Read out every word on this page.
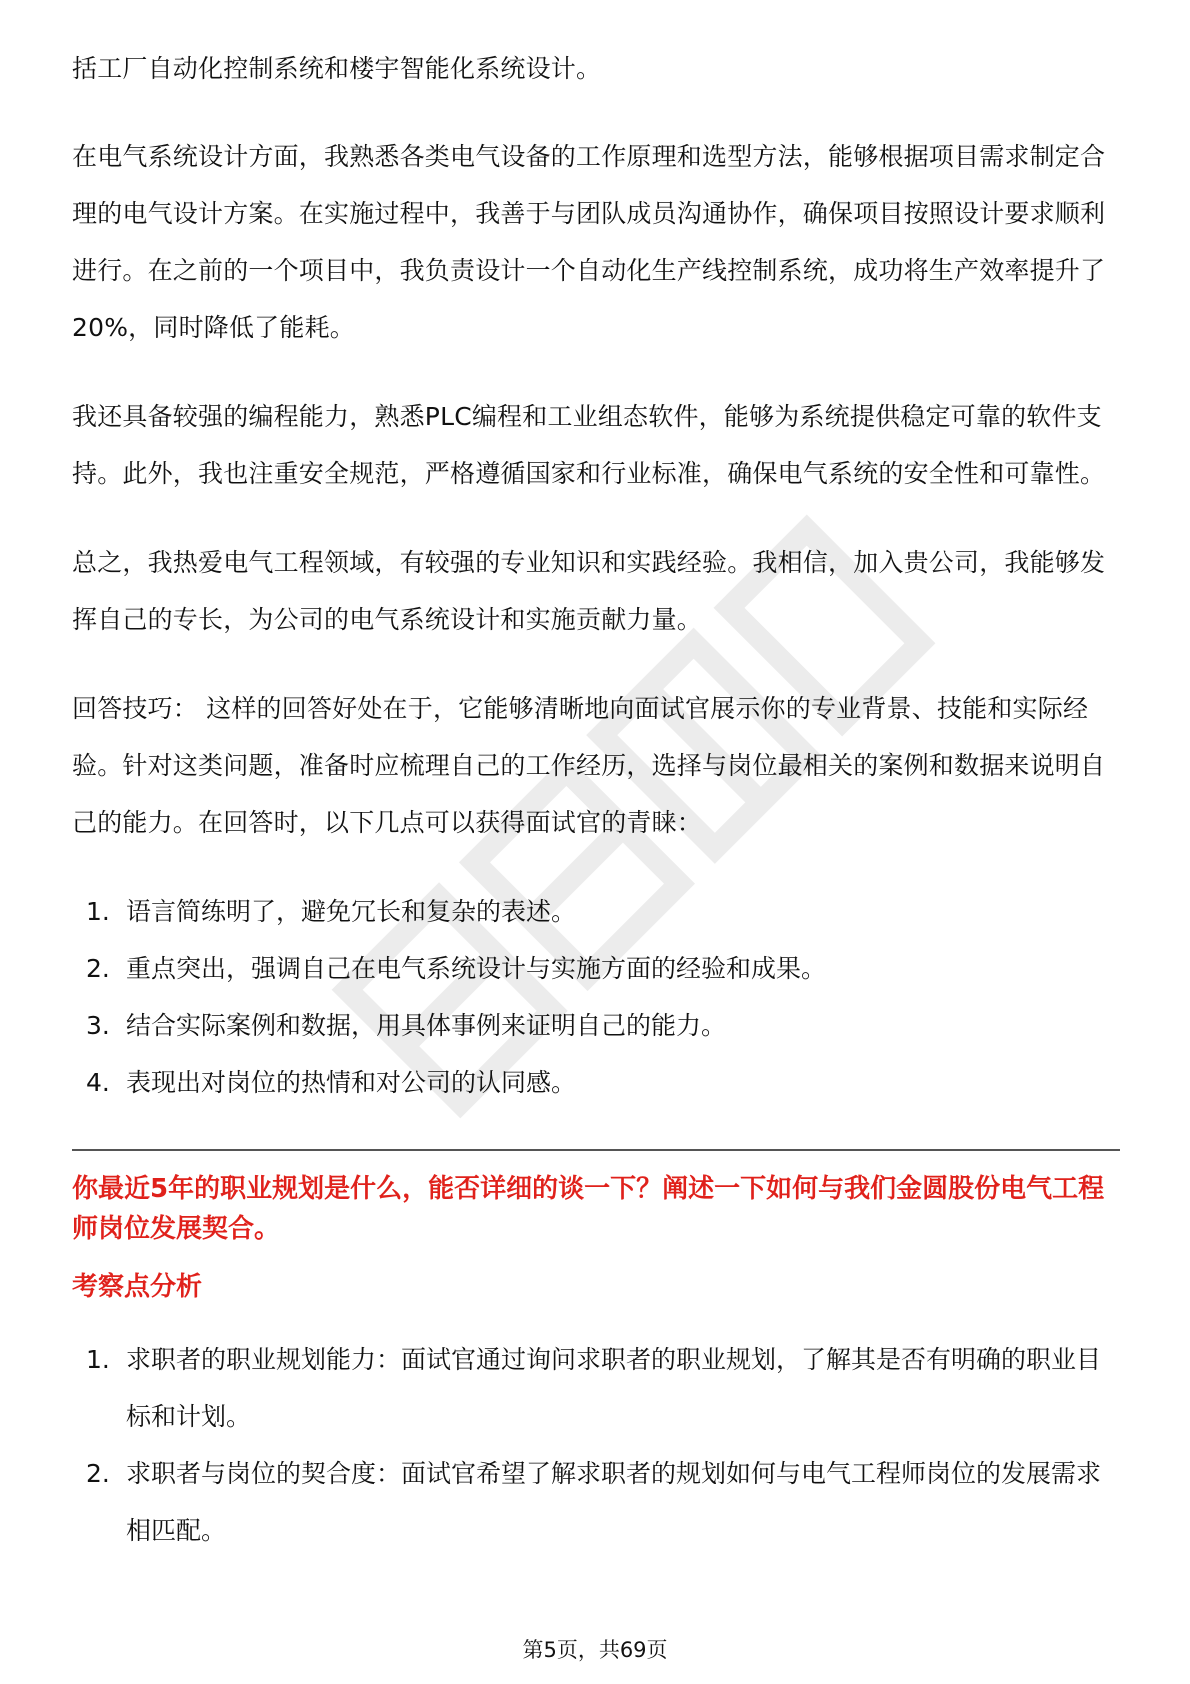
括工厂自动化控制系统和楼宇智能化系统设计。

在电气系统设计方面，我熟悉各类电气设备的工作原理和选型方法，能够根据项目需求制定合理的电气设计方案。在实施过程中，我善于与团队成员沟通协作，确保项目按照设计要求顺利进行。在之前的一个项目中，我负责设计一个自动化生产线控制系统，成功将生产效率提升了20%，同时降低了能耗。

我还具备较强的编程能力，熟悉PLC编程和工业组态软件，能够为系统提供稳定可靠的软件支持。此外，我也注重安全规范，严格遵循国家和行业标准，确保电气系统的安全性和可靠性。

总之，我热爱电气工程领域，有较强的专业知识和实践经验。我相信，加入贵公司，我能够发挥自己的专长，为公司的电气系统设计和实施贡献力量。

回答技巧： 这样的回答好处在于，它能够清晰地向面试官展示你的专业背景、技能和实际经验。针对这类问题，准备时应梳理自己的工作经历，选择与岗位最相关的案例和数据来说明自己的能力。在回答时，以下几点可以获得面试官的青睐：

1. 语言简练明了，避免冗长和复杂的表述。
2. 重点突出，强调自己在电气系统设计与实施方面的经验和成果。
3. 结合实际案例和数据，用具体事例来证明自己的能力。
4. 表现出对岗位的热情和对公司的认同感。
你最近5年的职业规划是什么，能否详细的谈一下？阐述一下如何与我们金圆股份电气工程师岗位发展契合。
考察点分析
1. 求职者的职业规划能力：面试官通过询问求职者的职业规划，了解其是否有明确的职业目标和计划。
2. 求职者与岗位的契合度：面试官希望了解求职者的规划如何与电气工程师岗位的发展需求相匹配。
第5页，共69页
